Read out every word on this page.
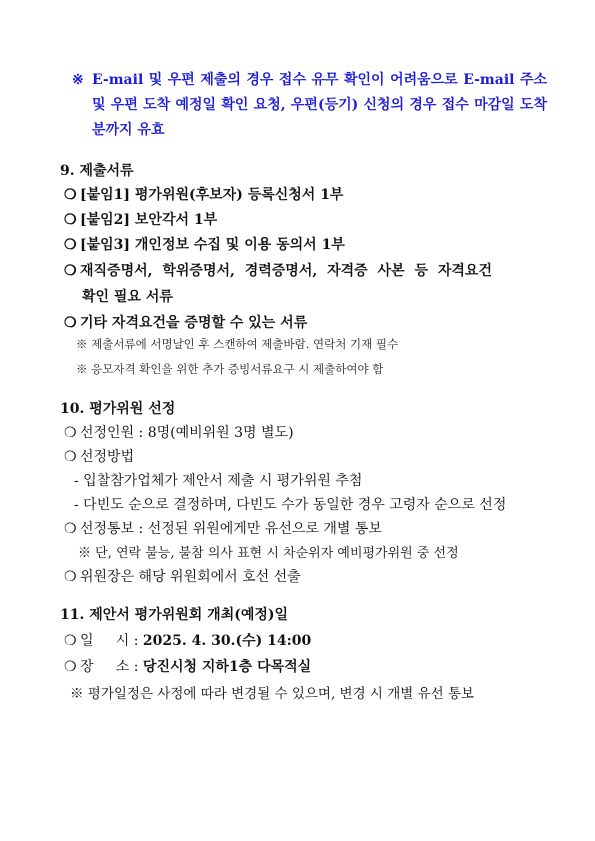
※ E-mail 및 우편 제출의 경우 접수 유무 확인이 어려움으로 E-mail 주소 및 우편 도착 예정일 확인 요청, 우편(등기) 신청의 경우 접수 마감일 도착분까지 유효
9. 제출서류
❍ [붙임1] 평가위원(후보자) 등록신청서 1부
❍ [붙임2] 보안각서 1부
❍ [붙임3] 개인정보 수집 및 이용 동의서 1부
❍ 재직증명서, 학위증명서, 경력증명서, 자격증 사본 등 자격요건
확인 필요 서류
❍ 기타 자격요건을 증명할 수 있는 서류
※ 제출서류에 서명날인 후 스캔하여 제출바람. 연락처 기재 필수
※ 응모자격 확인을 위한 추가 증빙서류요구 시 제출하여야 함
10. 평가위원 선정
❍ 선정인원 : 8명(예비위원 3명 별도)
❍ 선정방법
- 입찰참가업체가 제안서 제출 시 평가위원 추첨
- 다빈도 순으로 결정하며, 다빈도 수가 동일한 경우 고령자 순으로 선정
❍ 선정통보 : 선정된 위원에게만 유선으로 개별 통보
※ 단, 연락 불능, 불참 의사 표현 시 차순위자 예비평가위원 중 선정
❍ 위원장은 해당 위원회에서 호선 선출
11. 제안서 평가위원회 개최(예정)일
❍ 일     시 : 2025. 4. 30.(수) 14:00
❍ 장     소 : 당진시청 지하1층 다목적실
※ 평가일정은 사정에 따라 변경될 수 있으며, 변경 시 개별 유선 통보
